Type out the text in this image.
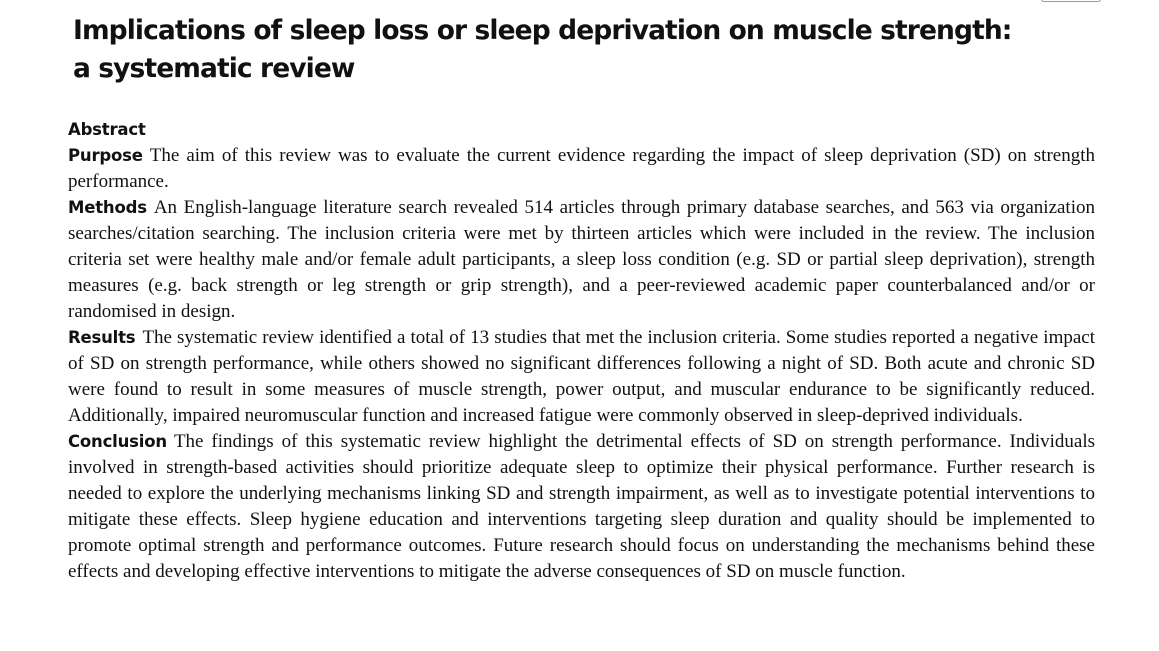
Implications of sleep loss or sleep deprivation on muscle strength: a systematic review
Abstract

Purpose The aim of this review was to evaluate the current evidence regarding the impact of sleep deprivation (SD) on strength performance.

Methods An English-language literature search revealed 514 articles through primary database searches, and 563 via organization searches/citation searching. The inclusion criteria were met by thirteen articles which were included in the review. The inclusion criteria set were healthy male and/or female adult participants, a sleep loss condition (e.g. SD or partial sleep deprivation), strength measures (e.g. back strength or leg strength or grip strength), and a peer-reviewed academic paper counterbalanced and/or or randomised in design.

Results The systematic review identified a total of 13 studies that met the inclusion criteria. Some studies reported a negative impact of SD on strength performance, while others showed no significant differences following a night of SD. Both acute and chronic SD were found to result in some measures of muscle strength, power output, and muscular endurance to be significantly reduced. Additionally, impaired neuromuscular function and increased fatigue were commonly observed in sleep-deprived individuals.

Conclusion The findings of this systematic review highlight the detrimental effects of SD on strength performance. Individuals involved in strength-based activities should prioritize adequate sleep to optimize their physical performance. Further research is needed to explore the underlying mechanisms linking SD and strength impairment, as well as to investigate potential interventions to mitigate these effects. Sleep hygiene education and interventions targeting sleep duration and quality should be implemented to promote optimal strength and performance outcomes. Future research should focus on understanding the mechanisms behind these effects and developing effective interventions to mitigate the adverse consequences of SD on muscle function.
